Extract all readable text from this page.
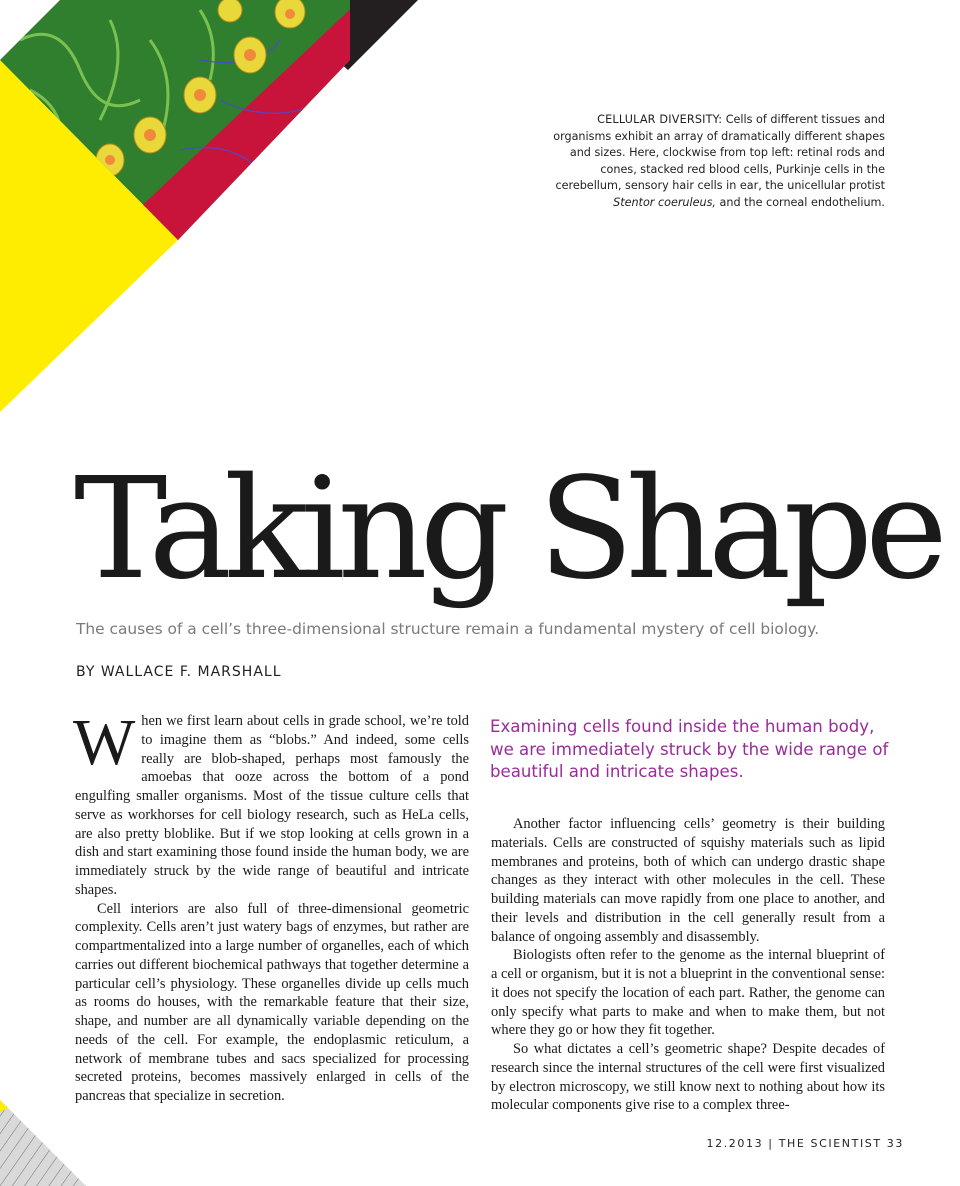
CELLULAR DIVERSITY: Cells of different tissues and organisms exhibit an array of dramatically different shapes and sizes. Here, clockwise from top left: retinal rods and cones, stacked red blood cells, Purkinje cells in the cerebellum, sensory hair cells in ear, the unicellular protist Stentor coeruleus, and the corneal endothelium.

Taking Shape

The causes of a cell’s three-dimensional structure remain a fundamental mystery of cell biology.

BY WALLACE F. MARSHALL

When we first learn about cells in grade school, we’re told to imagine them as “blobs.” And indeed, some cells really are blob-shaped, perhaps most famously the amoebas that ooze across the bottom of a pond engulfing smaller organisms. Most of the tissue culture cells that serve as workhorses for cell biology research, such as HeLa cells, are also pretty bloblike. But if we stop looking at cells grown in a dish and start examining those found inside the human body, we are immediately struck by the wide range of beautiful and intricate shapes.

Cell interiors are also full of three-dimensional geometric complexity. Cells aren’t just watery bags of enzymes, but rather are compartmentalized into a large number of organelles, each of which carries out different biochemical pathways that together determine a particular cell’s physiology. These organelles divide up cells much as rooms do houses, with the remarkable feature that their size, shape, and number are all dynamically variable depending on the needs of the cell. For example, the endoplasmic reticulum, a network of membrane tubes and sacs specialized for processing secreted proteins, becomes massively enlarged in cells of the pancreas that specialize in secretion.

Examining cells found inside the human body, we are immediately struck by the wide range of beautiful and intricate shapes.

Another factor influencing cells’ geometry is their building materials. Cells are constructed of squishy materials such as lipid membranes and proteins, both of which can undergo drastic shape changes as they interact with other molecules in the cell. These building materials can move rapidly from one place to another, and their levels and distribution in the cell generally result from a balance of ongoing assembly and disassembly.

Biologists often refer to the genome as the internal blueprint of a cell or organism, but it is not a blueprint in the conventional sense: it does not specify the location of each part. Rather, the genome can only specify what parts to make and when to make them, but not where they go or how they fit together.

So what dictates a cell’s geometric shape? Despite decades of research since the internal structures of the cell were first visualized by electron microscopy, we still know next to nothing about how its molecular components give rise to a complex three-

12.2013 | THE SCIENTIST 33
